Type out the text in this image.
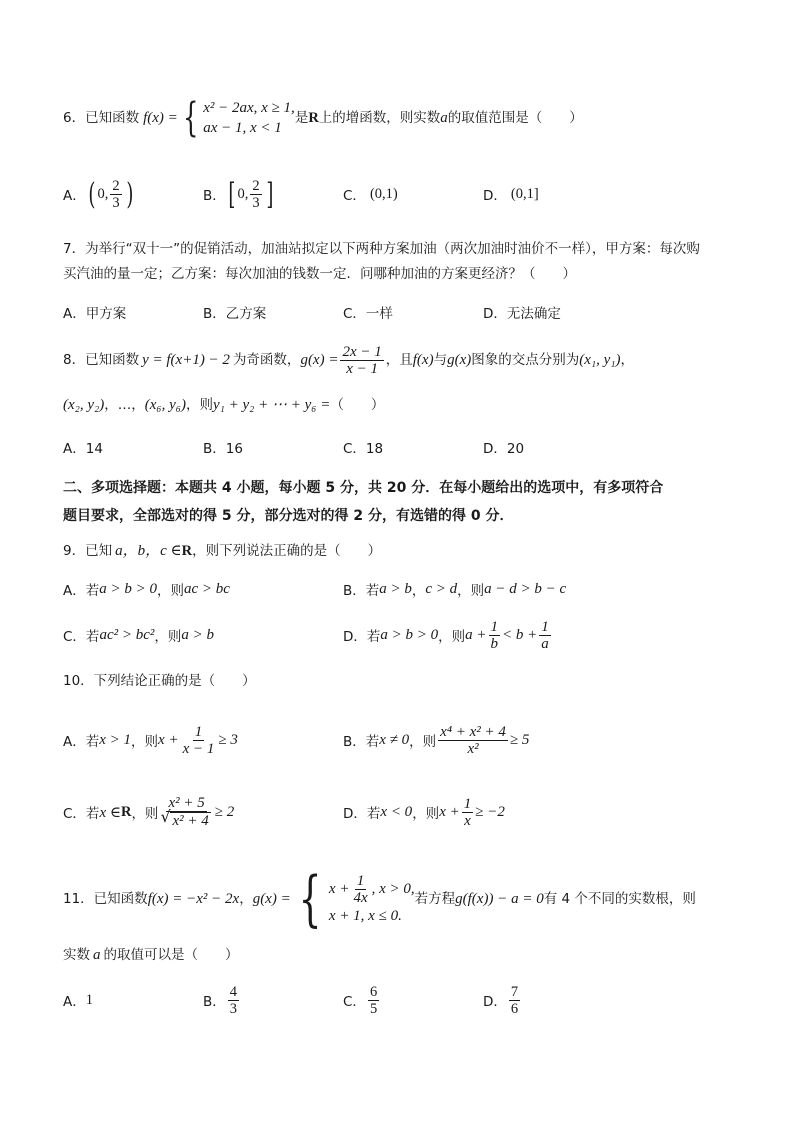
6． 已知函数 f(x) = { x² − 2ax, x ≥ 1,
ax − 1, x < 1
是 R 上的增函数，则实数 a 的取值范围是（　　）
A． ( 0, $\frac{2}{3}$ )	B． [ 0, $\frac{2}{3}$ ]	C． (0,1)	D． (0,1]
7．为举行“双十一”的促销活动，加油站拟定以下两种方案加油（两次加油时油价不一样），甲方案：每次购
买汽油的量一定；乙方案：每次加油的钱数一定．问哪种加油的方案更经济？（　　）
A．甲方案	B．乙方案	C．一样	D．无法确定
8． 已知函数 y = f(x+1) − 2 为奇函数， $g(x) = \frac{2x - 1}{x - 1}$ ，且 f(x) 与 g(x) 图象的交点分别为 (x₁, y₁) ，
(x₂, y₂) ，…， (x₆, y₆) ，则 y₁ + y₂ + ⋯ + y₆ = （　　）
A．14	B．16	C．18	D．20
二、多项选择题：本题共 4 小题，每小题 5 分，共 20 分．在每小题给出的选项中，有多项符合
题目要求，全部选对的得 5 分，部分选对的得 2 分，有选错的得 0 分．
9．已知 a，b，c ∈ R ，则下列说法正确的是（　　）
A．若 a > b > 0 ，则 ac > bc	B．若 a > b ， c > d ，则 a − d > b − c
C．若 ac² > bc² ，则 a > b	D．若 a > b > 0 ，则 $a + \frac{1}{b} < b + \frac{1}{a}$
10．下列结论正确的是（　　）
A．若 x > 1 ，则 $x + \frac{1}{x - 1} \ge 3$	B．若 x ≠ 0 ，则 $\frac{\text{x⁴ + x² + 4}}{\text{x²}} \ge 5$
C．若 x ∈ R ，则 x² + 5
√ x² + 4 ≥ 2	D．若 x < 0 ，则 $x + \frac{1}{x} \ge -2$
11．已知函数 f(x) = −x² − 2x ， g(x) = { $x + \frac{1}{4x}$ , x > 0,
x + 1, x ≤ 0.
若方程 g(f(x)) − a = 0 有 4 个不同的实数根，则
实数 a 的取值可以是（　　）
A． 1	B． $\frac{4}{3}$	C． $\frac{6}{5}$	D． $\frac{7}{6}$
